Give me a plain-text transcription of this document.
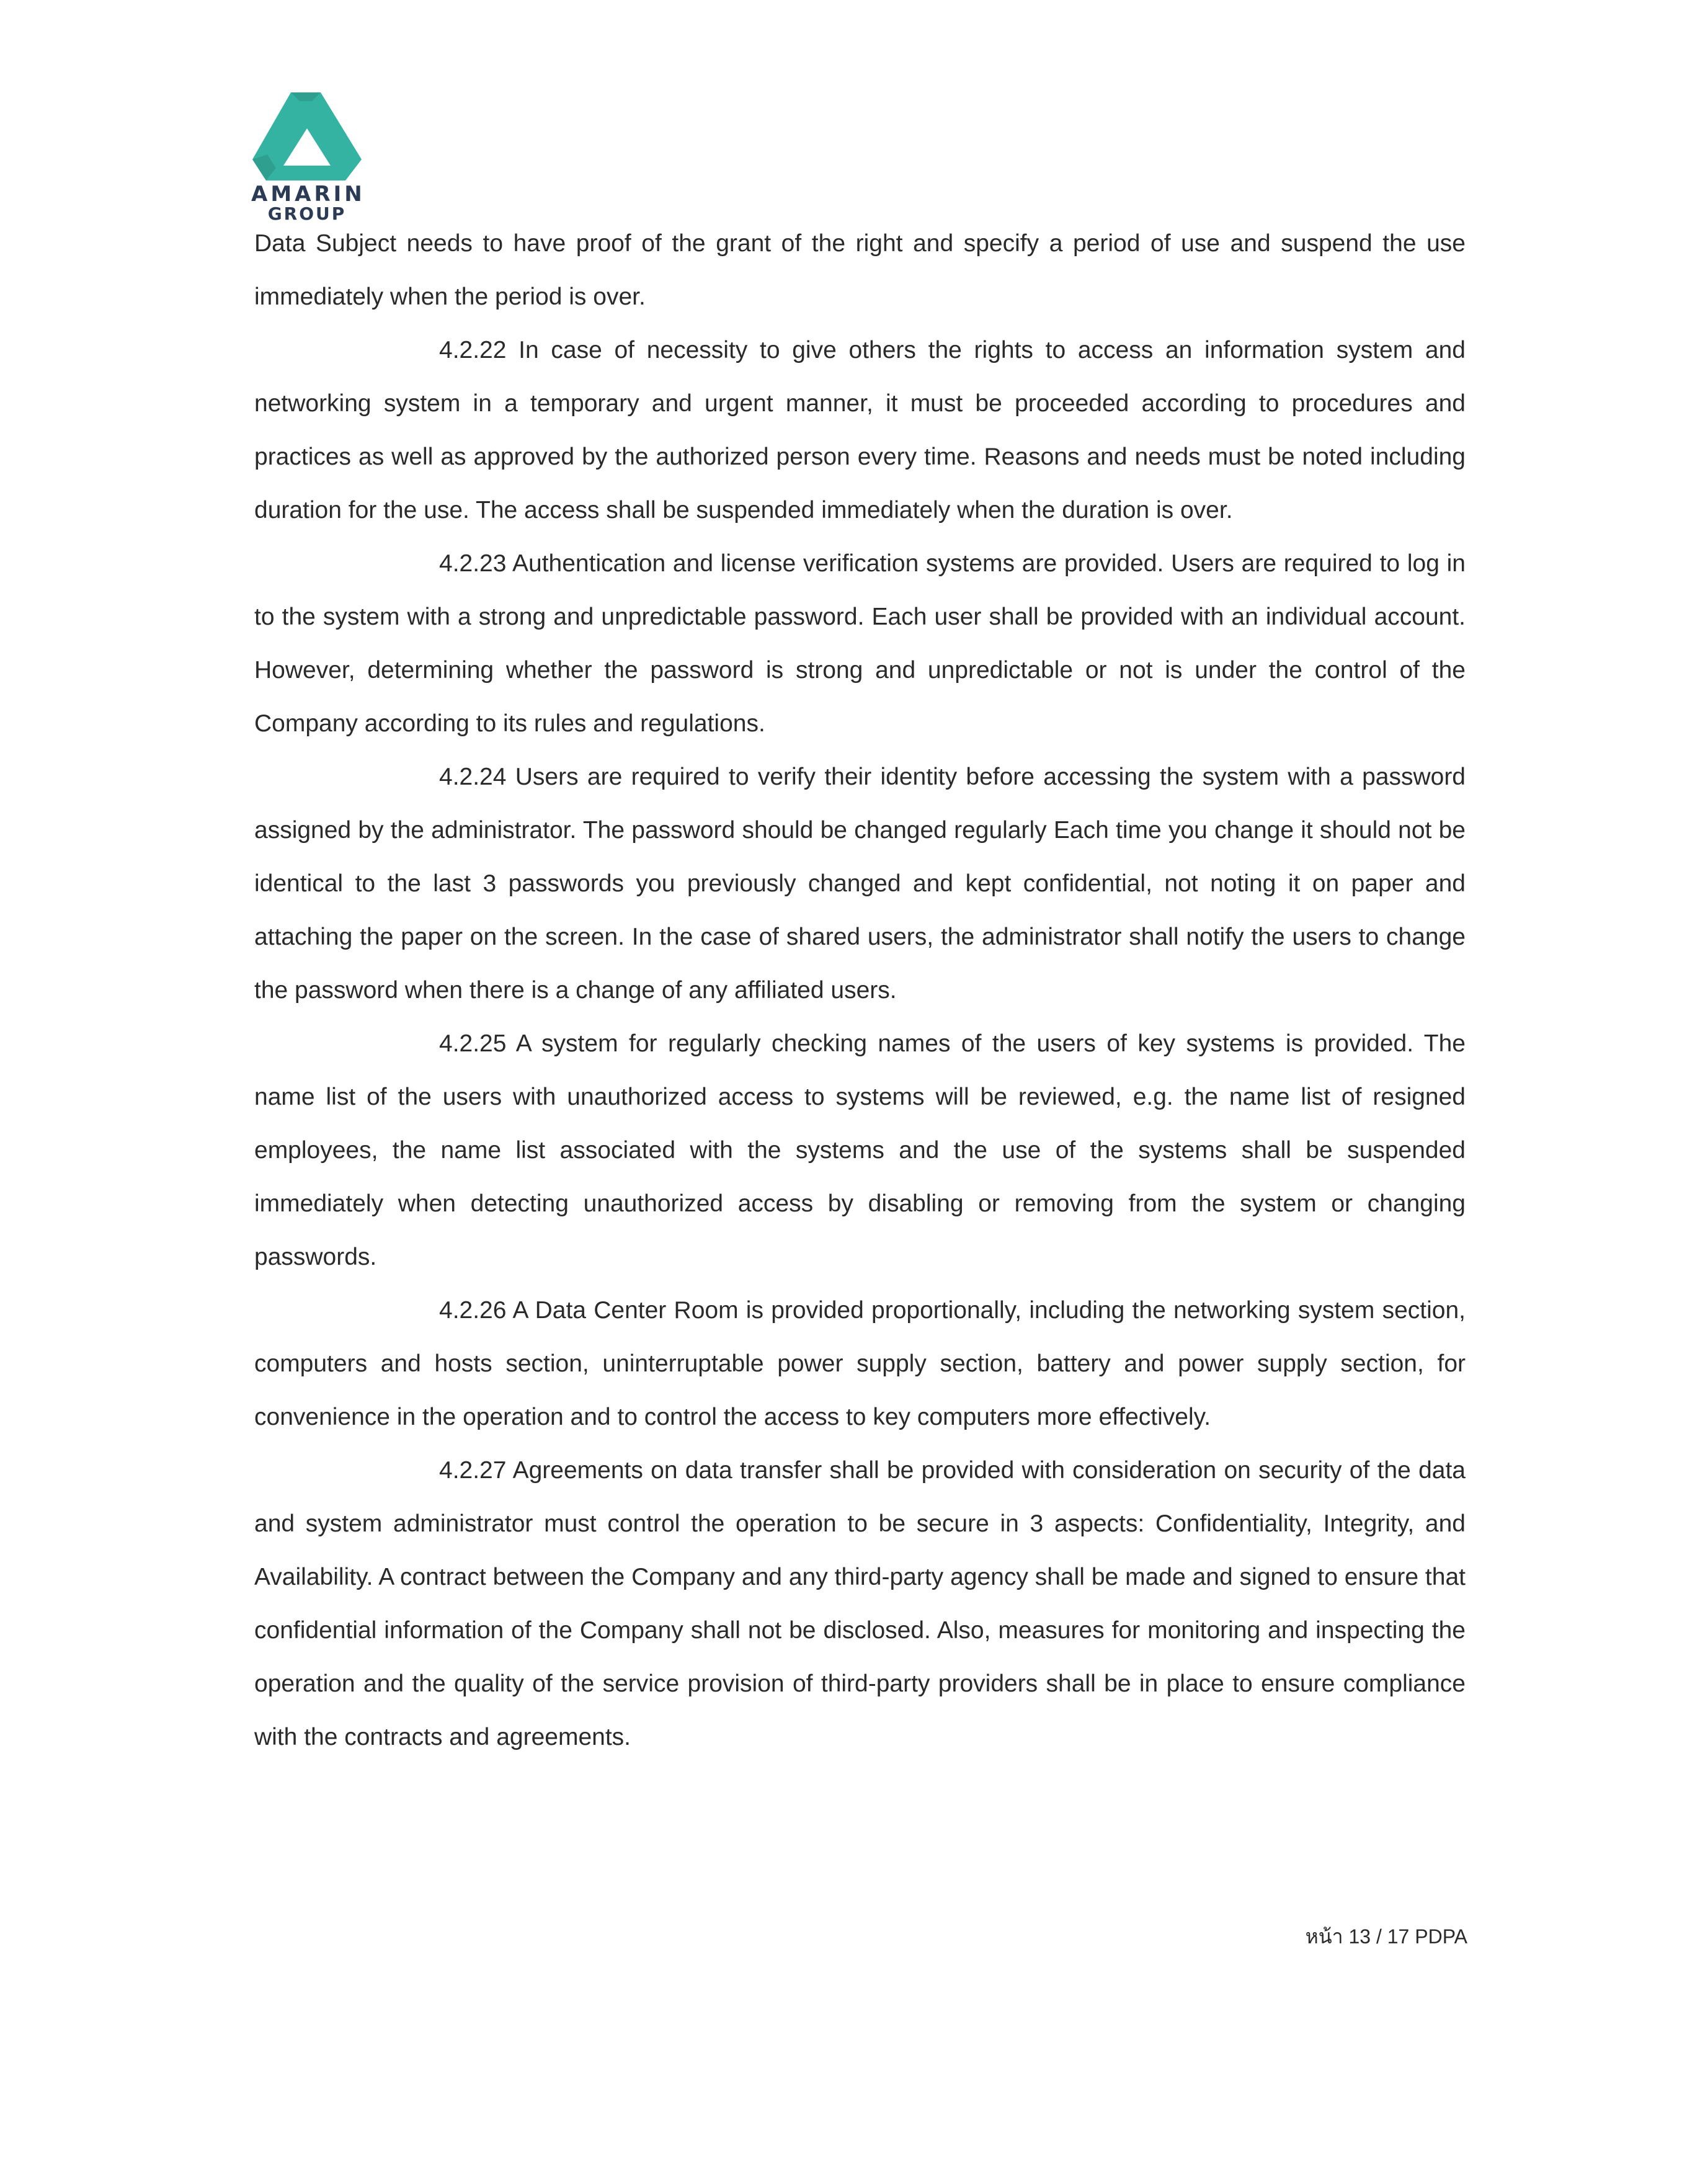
AMARIN
GROUP

Data Subject needs to have proof of the grant of the right and specify a period of use and suspend the use immediately when the period is over.

4.2.22 In case of necessity to give others the rights to access an information system and networking system in a temporary and urgent manner, it must be proceeded according to procedures and practices as well as approved by the authorized person every time. Reasons and needs must be noted including duration for the use. The access shall be suspended immediately when the duration is over.

4.2.23 Authentication and license verification systems are provided. Users are required to log in to the system with a strong and unpredictable password. Each user shall be provided with an individual account. However, determining whether the password is strong and unpredictable or not is under the control of the Company according to its rules and regulations.

4.2.24 Users are required to verify their identity before accessing the system with a password assigned by the administrator. The password should be changed regularly Each time you change it should not be identical to the last 3 passwords you previously changed and kept confidential, not noting it on paper and attaching the paper on the screen. In the case of shared users, the administrator shall notify the users to change the password when there is a change of any affiliated users.

4.2.25 A system for regularly checking names of the users of key systems is provided. The name list of the users with unauthorized access to systems will be reviewed, e.g. the name list of resigned employees, the name list associated with the systems and the use of the systems shall be suspended immediately when detecting unauthorized access by disabling or removing from the system or changing passwords.

4.2.26 A Data Center Room is provided proportionally, including the networking system section, computers and hosts section, uninterruptable power supply section, battery and power supply section, for convenience in the operation and to control the access to key computers more effectively.

4.2.27 Agreements on data transfer shall be provided with consideration on security of the data and system administrator must control the operation to be secure in 3 aspects: Confidentiality, Integrity, and Availability. A contract between the Company and any third-party agency shall be made and signed to ensure that confidential information of the Company shall not be disclosed. Also, measures for monitoring and inspecting the operation and the quality of the service provision of third-party providers shall be in place to ensure compliance with the contracts and agreements.

หน้า 13 / 17 PDPA
